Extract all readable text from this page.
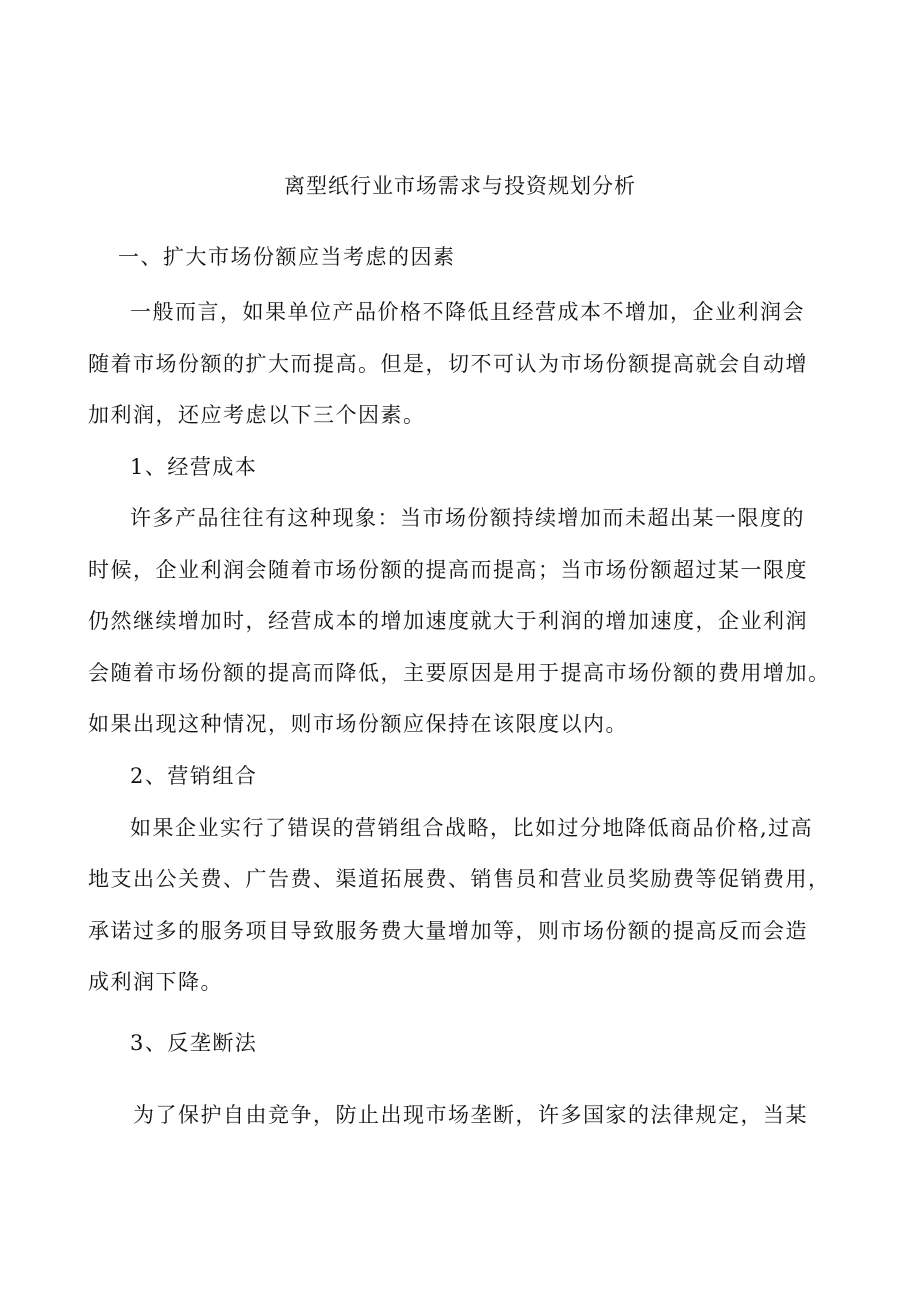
离型纸行业市场需求与投资规划分析
一、扩大市场份额应当考虑的因素
一般而言，如果单位产品价格不降低且经营成本不增加，企业利润会
随着市场份额的扩大而提高。但是，切不可认为市场份额提高就会自动增
加利润，还应考虑以下三个因素。
1、经营成本
许多产品往往有这种现象：当市场份额持续增加而未超出某一限度的
时候，企业利润会随着市场份额的提高而提高；当市场份额超过某一限度
仍然继续增加时，经营成本的增加速度就大于利润的增加速度，企业利润
会随着市场份额的提高而降低，主要原因是用于提高市场份额的费用增加。
如果出现这种情况，则市场份额应保持在该限度以内。
2、营销组合
如果企业实行了错误的营销组合战略，比如过分地降低商品价格,过高
地支出公关费、广告费、渠道拓展费、销售员和营业员奖励费等促销费用，
承诺过多的服务项目导致服务费大量增加等，则市场份额的提高反而会造
成利润下降。
3、反垄断法
为了保护自由竞争，防止出现市场垄断，许多国家的法律规定，当某
